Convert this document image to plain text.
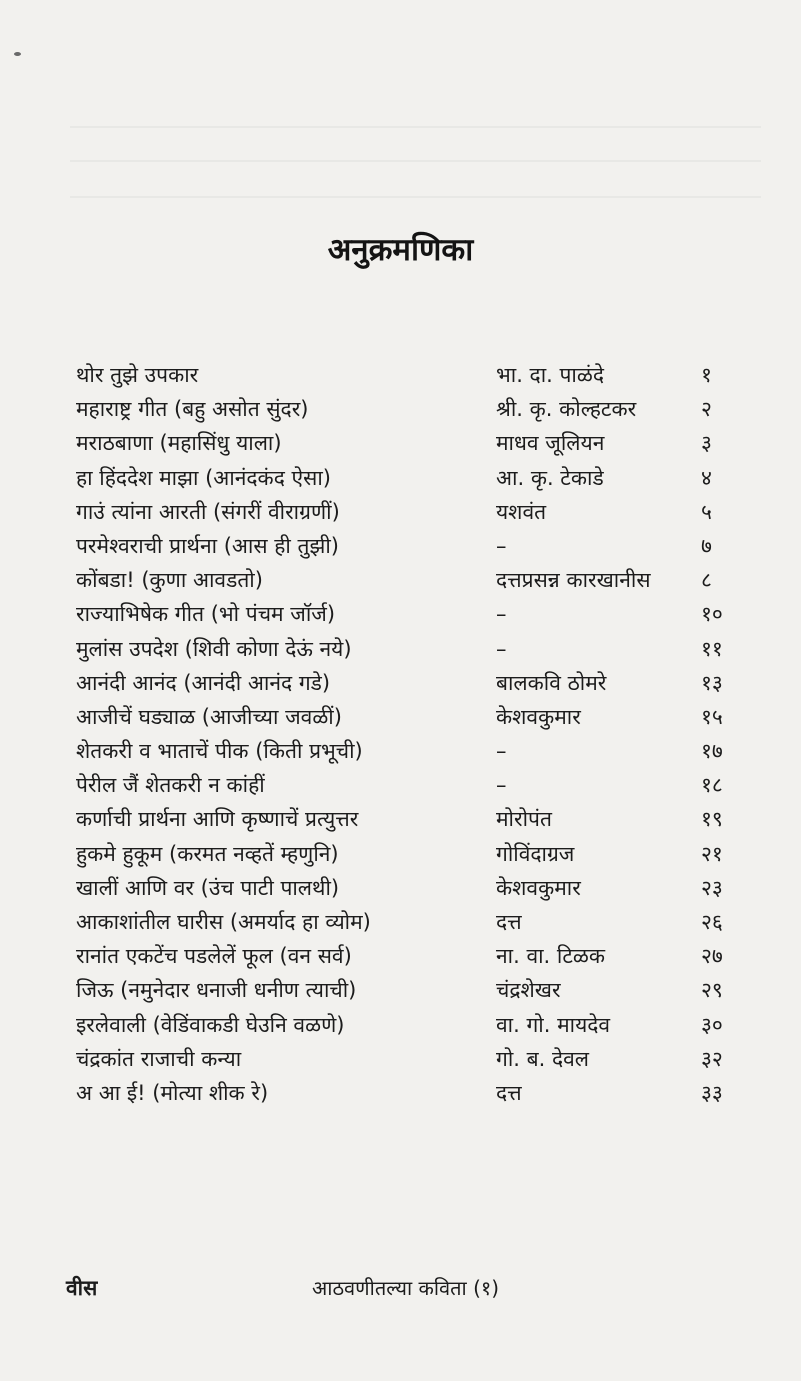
अनुक्रमणिका
थोर तुझे उपकार	भा. दा. पाळंदे	१
महाराष्ट्र गीत (बहु असोत सुंदर)	श्री. कृ. कोल्हटकर	२
मराठबाणा (महासिंधु याला)	माधव जूलियन	३
हा हिंददेश माझा (आनंदकंद ऐसा)	आ. कृ. टेकाडे	४
गाउं त्यांना आरती (संगरीं वीराग्रणीं)	यशवंत	५
परमेश्वराची प्रार्थना (आस ही तुझी)	–	७
कोंबडा! (कुणा आवडतो)	दत्तप्रसन्न कारखानीस ८
राज्याभिषेक गीत (भो पंचम जॉर्ज)	–	१०
मुलांस उपदेश (शिवी कोणा देऊं नये)	–	११
आनंदी आनंद (आनंदी आनंद गडे)	बालकवि ठोमरे	१३
आजीचें घड्याळ (आजीच्या जवळीं)	केशवकुमार	१५
शेतकरी व भाताचें पीक (किती प्रभूची)	–	१७
पेरील जैं शेतकरी न कांहीं	–	१८
कर्णाची प्रार्थना आणि कृष्णाचें प्रत्युत्तर	मोरोपंत	१९
हुकमे हुकूम (करमत नव्हतें म्हणुनि)	गोविंदाग्रज	२१
खालीं आणि वर (उंच पाटी पालथी)	केशवकुमार	२३
आकाशांतील घारीस (अमर्याद हा व्योम)	दत्त	२६
रानांत एकटेंच पडलेलें फूल (वन सर्व)	ना. वा. टिळक	२७
जिऊ (नमुनेदार धनाजी धनीण त्याची)	चंद्रशेखर	२९
इरलेवाली (वेडिंवाकडी घेउनि वळणे)	वा. गो. मायदेव	३०
चंद्रकांत राजाची कन्या	गो. ब. देवल	३२
अ आ ई! (मोत्या शीक रे)	दत्त	३३
वीस	आठवणीतल्या कविता (१)
